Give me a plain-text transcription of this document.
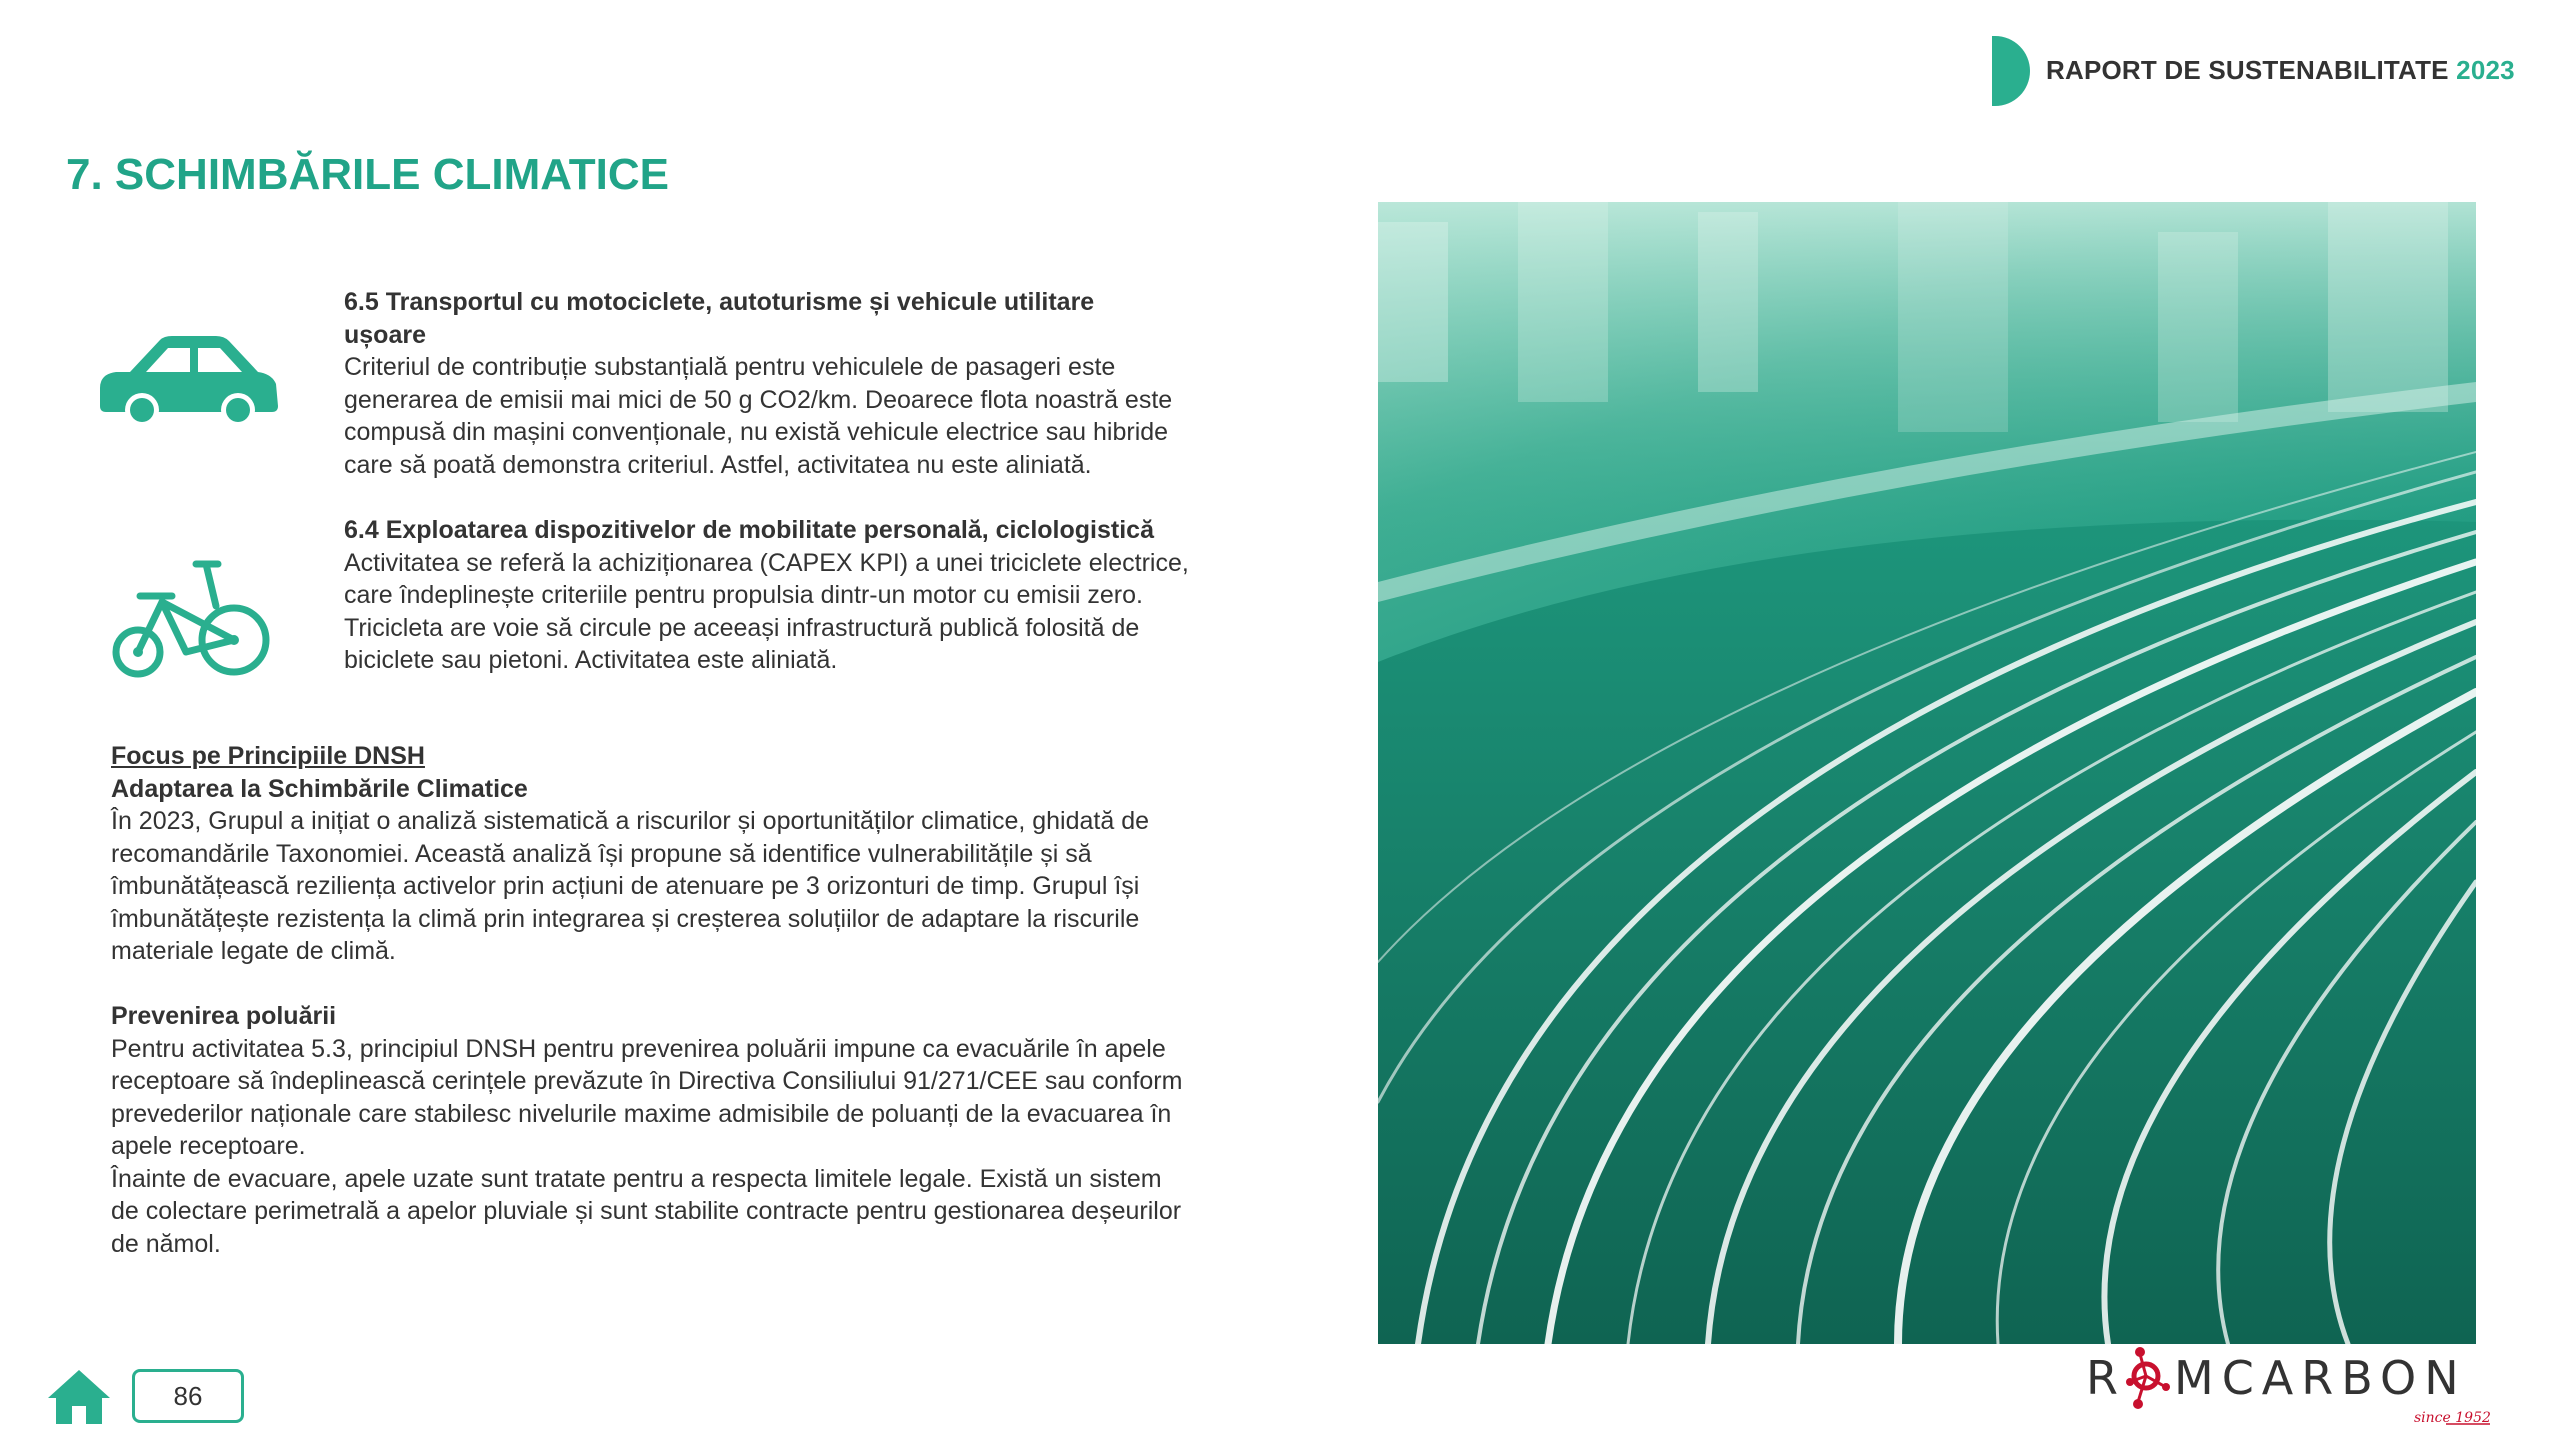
RAPORT DE SUSTENABILITATE 2023
7. SCHIMBĂRILE CLIMATICE
6.5 Transportul cu motociclete, autoturisme și vehicule utilitare
ușoare

Criteriul de contribuție substanțială pentru vehiculele de pasageri este

generarea de emisii mai mici de 50 g CO2/km. Deoarece flota noastră este

compusă din mașini convenționale, nu există vehicule electrice sau hibride

care să poată demonstra criteriul. Astfel, activitatea nu este aliniată.

6.4 Exploatarea dispozitivelor de mobilitate personală, ciclologistică

Activitatea se referă la achiziționarea (CAPEX KPI) a unei triciclete electrice,

care îndeplinește criteriile pentru propulsia dintr-un motor cu emisii zero.

Tricicleta are voie să circule pe aceeași infrastructură publică folosită de

biciclete sau pietoni. Activitatea este aliniată.

Focus pe Principiile DNSH
Adaptarea la Schimbările Climatice

În 2023, Grupul a inițiat o analiză sistematică a riscurilor și oportunităților climatice, ghidată de

recomandările Taxonomiei. Această analiză își propune să identifice vulnerabilitățile și să

îmbunătățească reziliența activelor prin acțiuni de atenuare pe 3 orizonturi de timp. Grupul își

îmbunătățește rezistența la climă prin integrarea și creșterea soluțiilor de adaptare la riscurile

materiale legate de climă.

Prevenirea poluării

Pentru activitatea 5.3, principiul DNSH pentru prevenirea poluării impune ca evacuările în apele

receptoare să îndeplinească cerințele prevăzute în Directiva Consiliului 91/271/CEE sau conform

prevederilor naționale care stabilesc nivelurile maxime admisibile de poluanți de la evacuarea în

apele receptoare.

Înainte de evacuare, apele uzate sunt tratate pentru a respecta limitele legale. Există un sistem

de colectare perimetrală a apelor pluviale și sunt stabilite contracte pentru gestionarea deșeurilor

de nămol.

86	R MCARBON
since 1952
